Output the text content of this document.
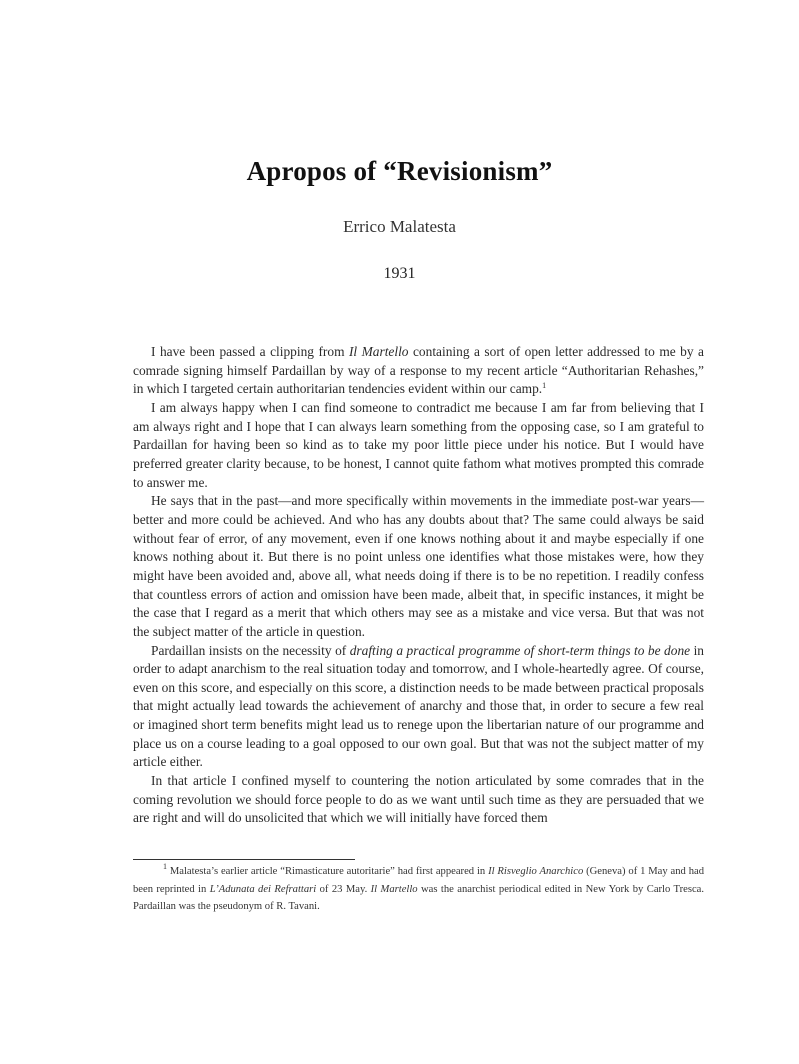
Apropos of “Revisionism”
Errico Malatesta
1931

I have been passed a clipping from Il Martello containing a sort of open letter addressed to me by a comrade signing himself Pardaillan by way of a response to my recent article “Authoritarian Rehashes,” in which I targeted certain authoritarian tendencies evident within our camp.$^1$

I am always happy when I can find someone to contradict me because I am far from believing that I am always right and I hope that I can always learn something from the opposing case, so I am grateful to Pardaillan for having been so kind as to take my poor little piece under his notice. But I would have preferred greater clarity because, to be honest, I cannot quite fathom what motives prompted this comrade to answer me.

He says that in the past—and more specifically within movements in the immediate post-war years—better and more could be achieved. And who has any doubts about that? The same could always be said without fear of error, of any movement, even if one knows nothing about it and maybe especially if one knows nothing about it. But there is no point unless one identifies what those mistakes were, how they might have been avoided and, above all, what needs doing if there is to be no repetition. I readily confess that countless errors of action and omission have been made, albeit that, in specific instances, it might be the case that I regard as a merit that which others may see as a mistake and vice versa. But that was not the subject matter of the article in question.

Pardaillan insists on the necessity of drafting a practical programme of short-term things to be done in order to adapt anarchism to the real situation today and tomorrow, and I whole-heartedly agree. Of course, even on this score, and especially on this score, a distinction needs to be made between practical proposals that might actually lead towards the achievement of anarchy and those that, in order to secure a few real or imagined short term benefits might lead us to renege upon the libertarian nature of our programme and place us on a course leading to a goal opposed to our own goal. But that was not the subject matter of my article either.

In that article I confined myself to countering the notion articulated by some comrades that in the coming revolution we should force people to do as we want until such time as they are persuaded that we are right and will do unsolicited that which we will initially have forced them

$^1$ Malatesta’s earlier article “Rimasticature autoritarie” had first appeared in Il Risveglio Anarchico (Geneva) of 1 May and had been reprinted in L’Adunata dei Refrattari of 23 May. Il Martello was the anarchist periodical edited in New York by Carlo Tresca. Pardaillan was the pseudonym of R. Tavani.
